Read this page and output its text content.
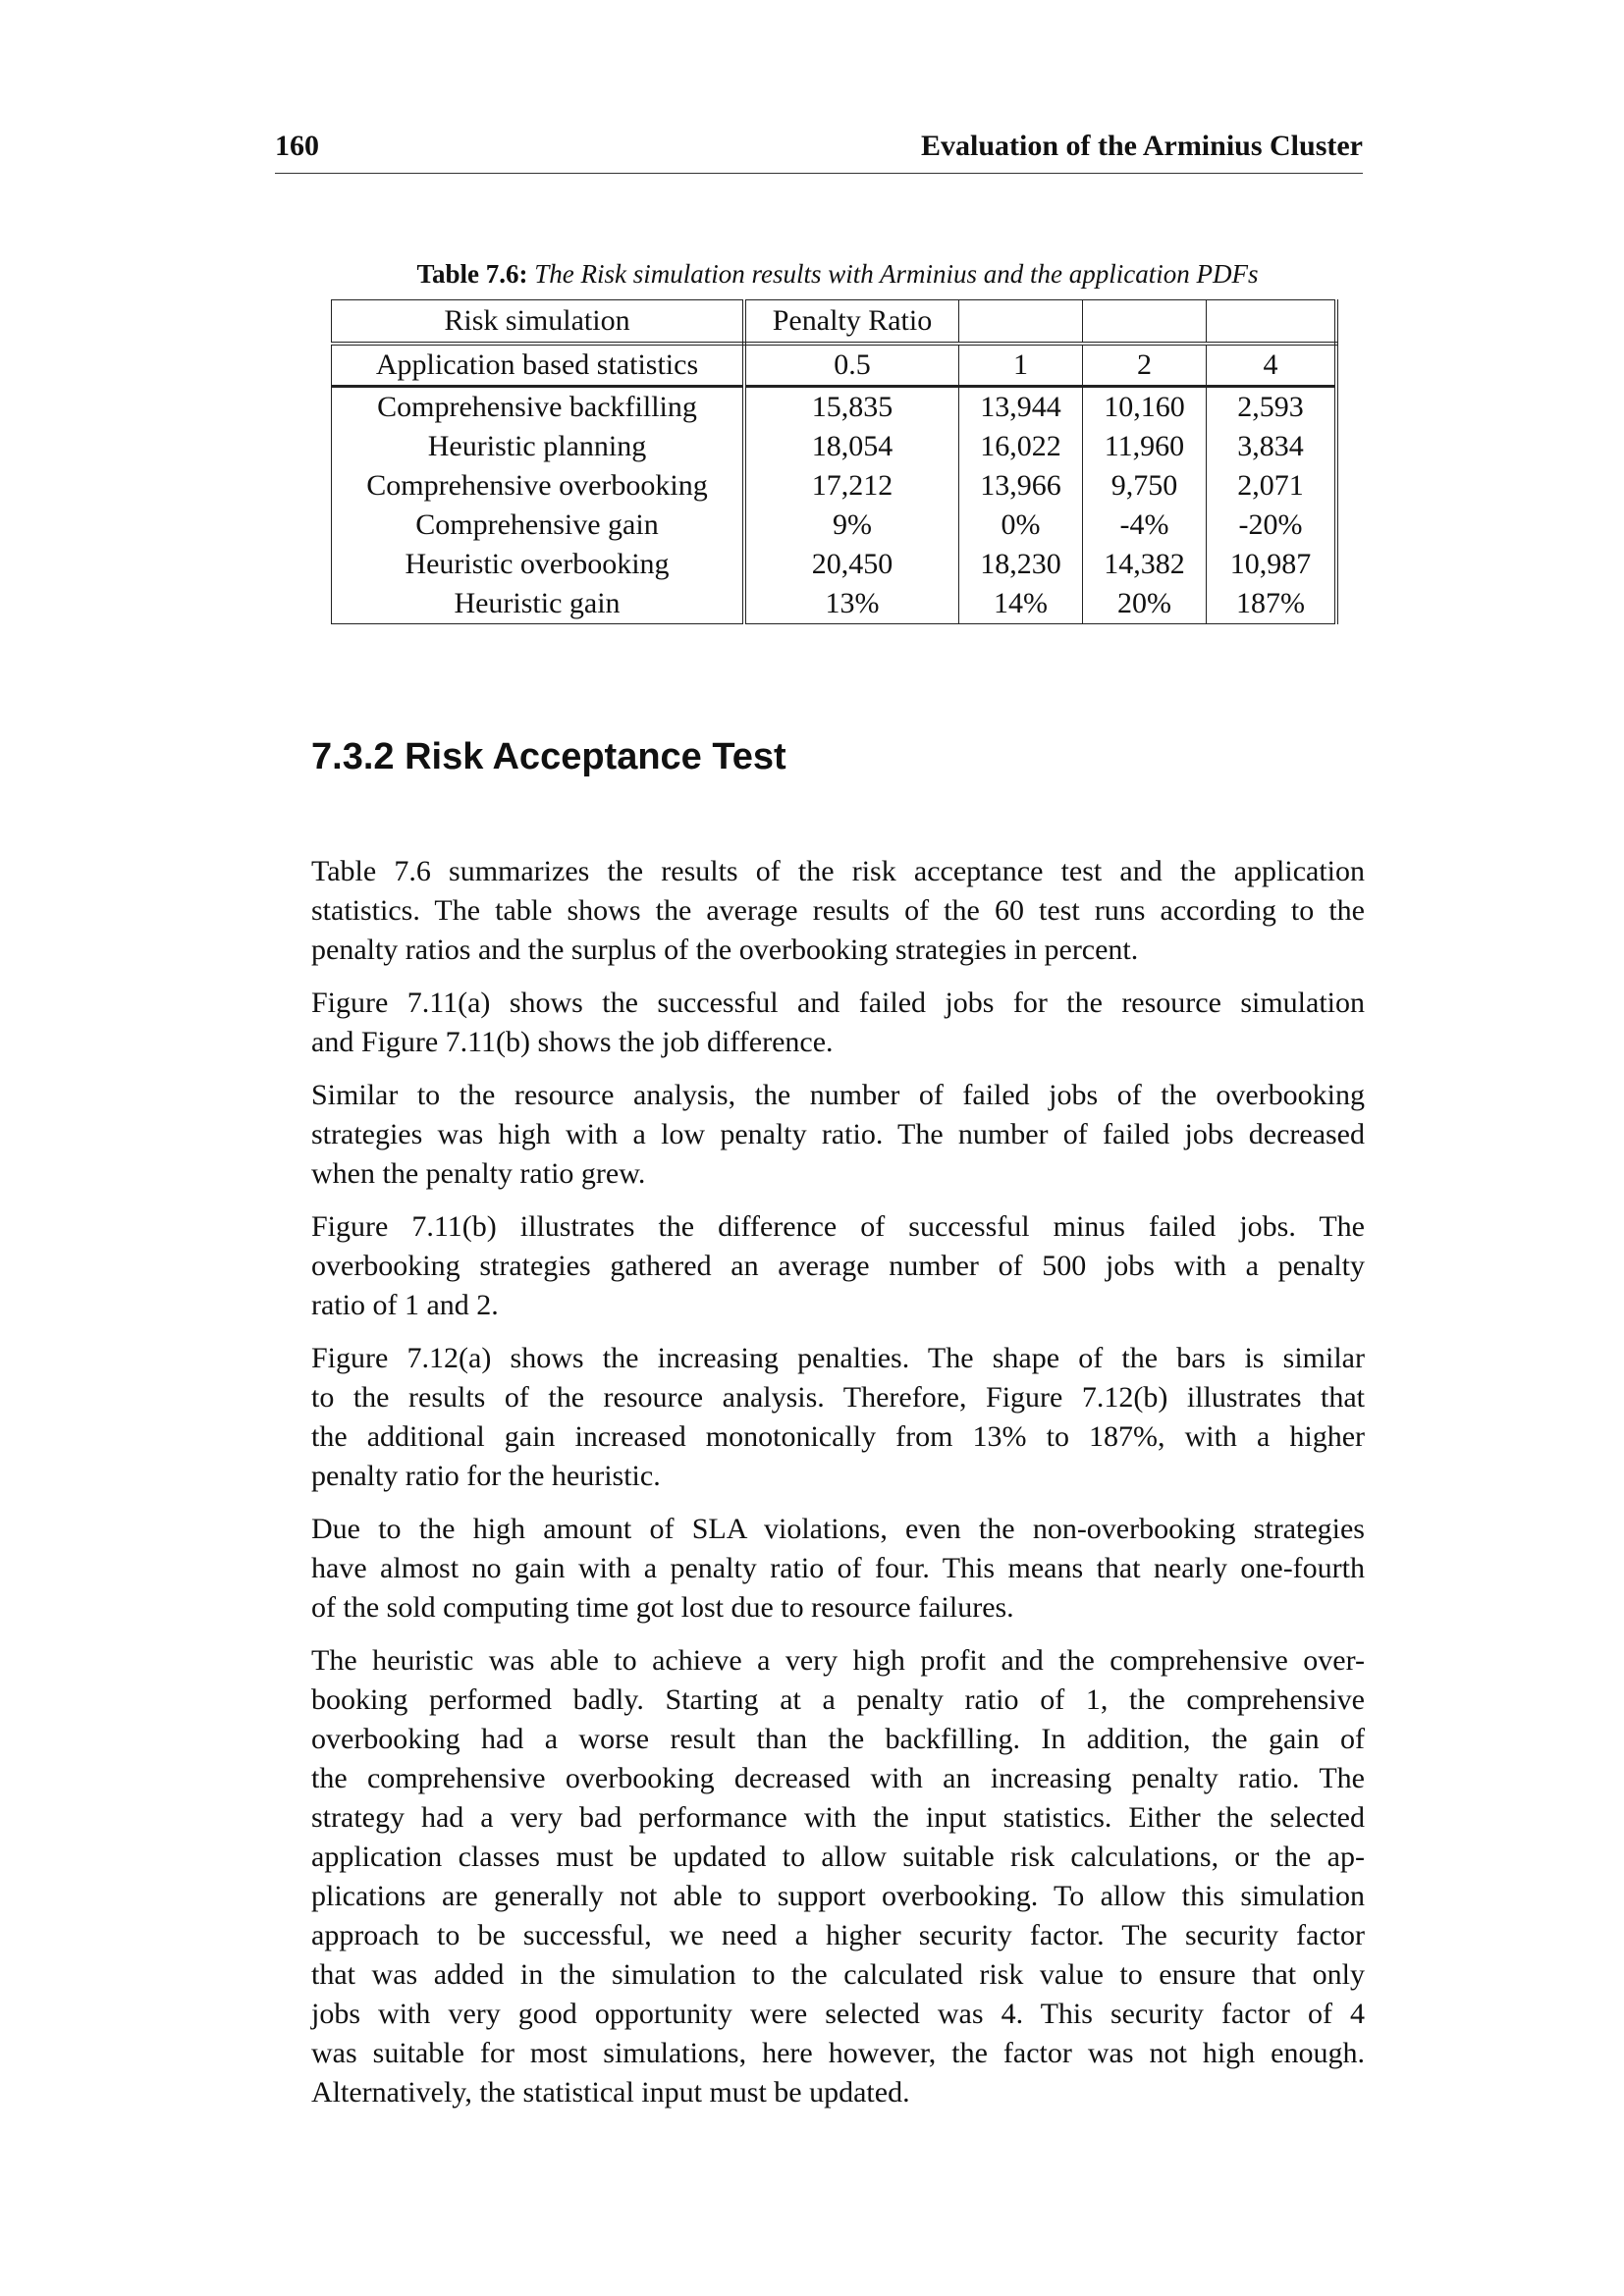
160	Evaluation of the Arminius Cluster
Table 7.6: The Risk simulation results with Arminius and the application PDFs
Risk simulation	Penalty Ratio			
Application based statistics	0.5	1	2	4
Comprehensive backfilling	15,835	13,944	10,160	2,593
Heuristic planning	18,054	16,022	11,960	3,834
Comprehensive overbooking	17,212	13,966	9,750	2,071
Comprehensive gain	9%	0%	-4%	-20%
Heuristic overbooking	20,450	18,230	14,382	10,987
Heuristic gain	13%	14%	20%	187%
7.3.2 Risk Acceptance Test
Table 7.6 summarizes the results of the risk acceptance test and the application
statistics. The table shows the average results of the 60 test runs according to the
penalty ratios and the surplus of the overbooking strategies in percent.
Figure 7.11(a) shows the successful and failed jobs for the resource simulation
and Figure 7.11(b) shows the job difference.
Similar to the resource analysis, the number of failed jobs of the overbooking
strategies was high with a low penalty ratio. The number of failed jobs decreased
when the penalty ratio grew.
Figure 7.11(b) illustrates the difference of successful minus failed jobs. The
overbooking strategies gathered an average number of 500 jobs with a penalty
ratio of 1 and 2.
Figure 7.12(a) shows the increasing penalties. The shape of the bars is similar
to the results of the resource analysis. Therefore, Figure 7.12(b) illustrates that
the additional gain increased monotonically from 13% to 187%, with a higher
penalty ratio for the heuristic.
Due to the high amount of SLA violations, even the non-overbooking strategies
have almost no gain with a penalty ratio of four. This means that nearly one-fourth
of the sold computing time got lost due to resource failures.
The heuristic was able to achieve a very high profit and the comprehensive over-
booking performed badly. Starting at a penalty ratio of 1, the comprehensive
overbooking had a worse result than the backfilling. In addition, the gain of
the comprehensive overbooking decreased with an increasing penalty ratio. The
strategy had a very bad performance with the input statistics. Either the selected
application classes must be updated to allow suitable risk calculations, or the ap-
plications are generally not able to support overbooking. To allow this simulation
approach to be successful, we need a higher security factor. The security factor
that was added in the simulation to the calculated risk value to ensure that only
jobs with very good opportunity were selected was 4. This security factor of 4
was suitable for most simulations, here however, the factor was not high enough.
Alternatively, the statistical input must be updated.
